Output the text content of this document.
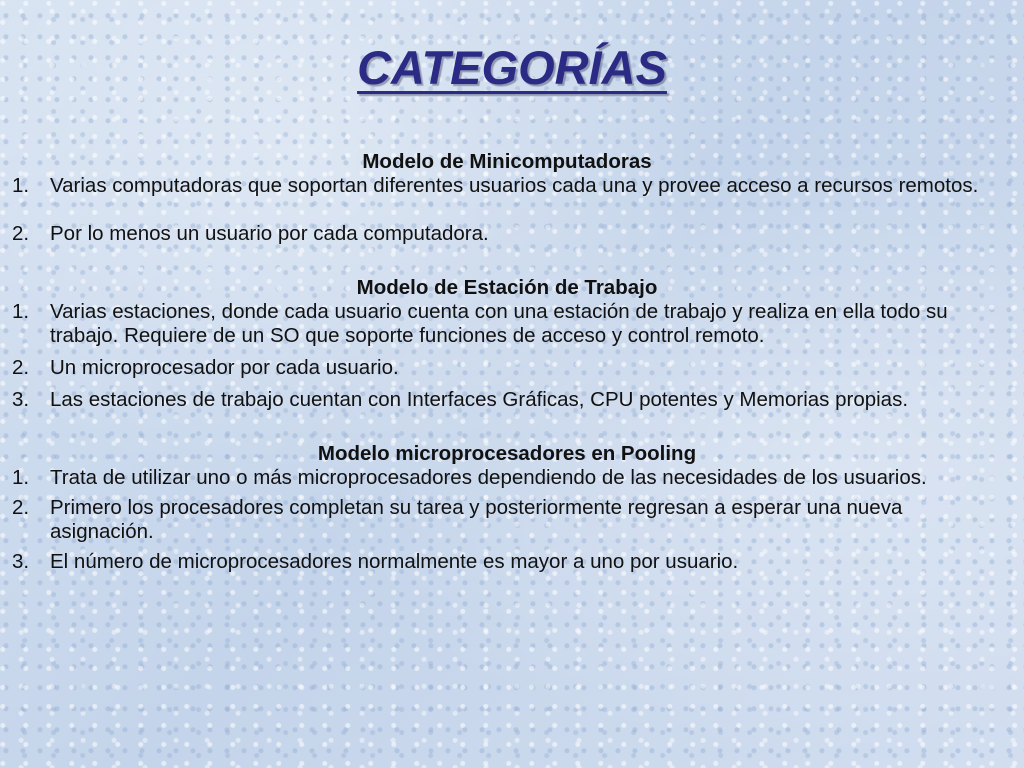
CATEGORÍAS

Modelo de Minicomputadoras

1.	Varias computadoras que soportan diferentes usuarios cada una y provee acceso a recursos remotos.
2.	Por lo menos un usuario por cada computadora.

Modelo de Estación de Trabajo

1.	Varias estaciones, donde cada usuario cuenta con una estación de trabajo y realiza en ella todo su trabajo. Requiere de un SO que soporte funciones de acceso y control remoto.
2.	Un microprocesador por cada usuario.
3.	Las estaciones de trabajo cuentan con Interfaces Gráficas, CPU potentes y Memorias propias.

Modelo microprocesadores en Pooling

1.	Trata de utilizar uno o más microprocesadores dependiendo de las necesidades de los usuarios.
2.	Primero los procesadores completan su tarea y posteriormente regresan a esperar una nueva asignación.
3.	El número de microprocesadores normalmente es mayor a uno por usuario.
